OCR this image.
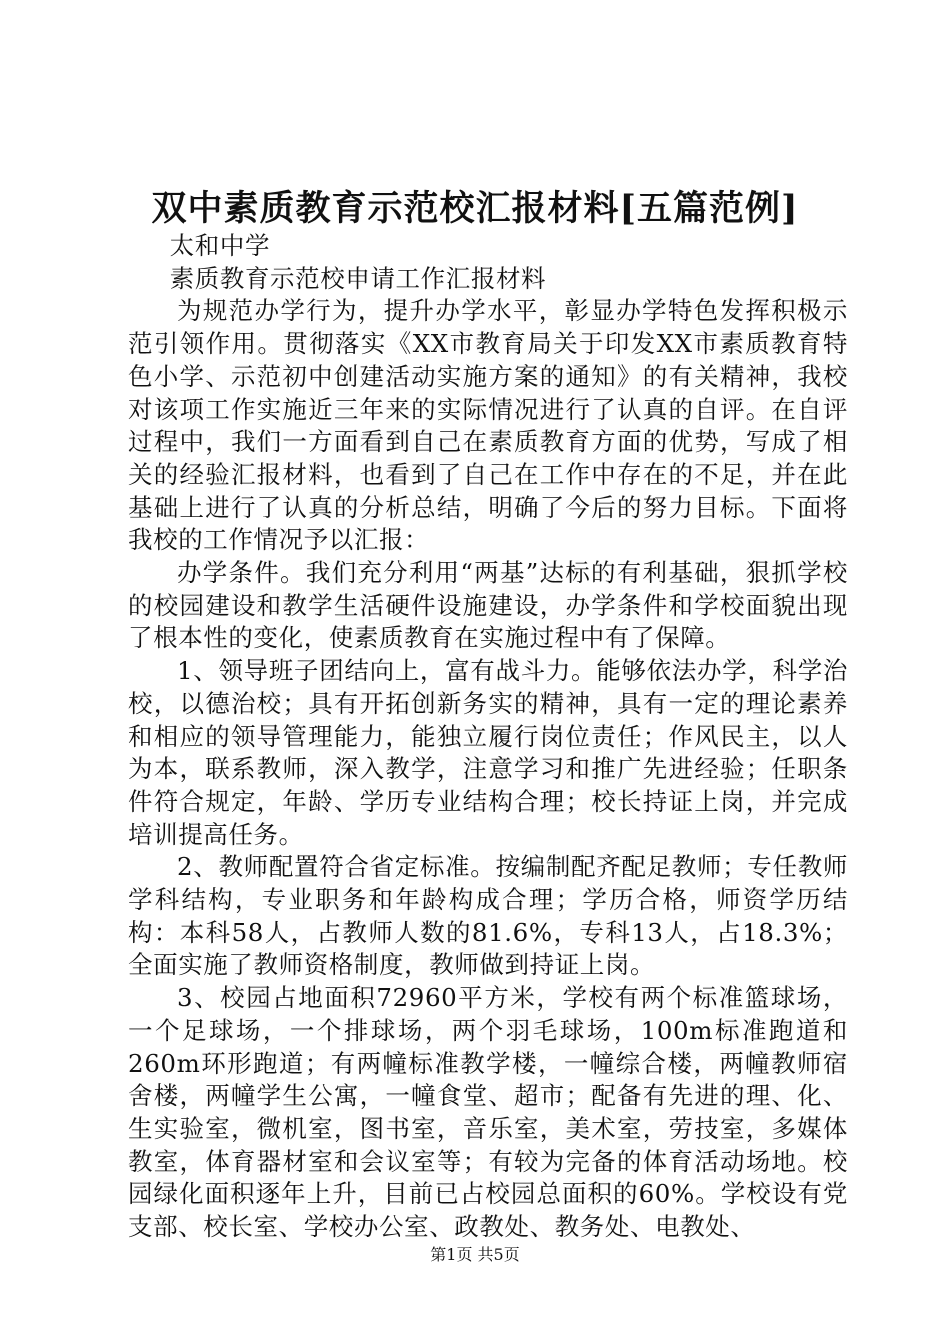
双中素质教育示范校汇报材料[五篇范例]

太和中学

素质教育示范校申请工作汇报材料

为规范办学行为，提升办学水平，彰显办学特色发挥积极示范引领作用。贯彻落实《XX市教育局关于印发XX市素质教育特色小学、示范初中创建活动实施方案的通知》的有关精神，我校对该项工作实施近三年来的实际情况进行了认真的自评。在自评过程中，我们一方面看到自己在素质教育方面的优势，写成了相关的经验汇报材料，也看到了自己在工作中存在的不足，并在此基础上进行了认真的分析总结，明确了今后的努力目标。下面将我校的工作情况予以汇报：

办学条件。我们充分利用“两基”达标的有利基础，狠抓学校的校园建设和教学生活硬件设施建设，办学条件和学校面貌出现了根本性的变化，使素质教育在实施过程中有了保障。

1、领导班子团结向上，富有战斗力。能够依法办学，科学治校，以德治校；具有开拓创新务实的精神，具有一定的理论素养和相应的领导管理能力，能独立履行岗位责任；作风民主，以人为本，联系教师，深入教学，注意学习和推广先进经验；任职条件符合规定，年龄、学历专业结构合理；校长持证上岗，并完成培训提高任务。

2、教师配置符合省定标准。按编制配齐配足教师；专任教师学科结构，专业职务和年龄构成合理；学历合格，师资学历结构：本科58人，占教师人数的81.6%，专科13人，占18.3%；全面实施了教师资格制度，教师做到持证上岗。

3、校园占地面积72960平方米，学校有两个标准篮球场，一个足球场，一个排球场，两个羽毛球场，100m标准跑道和260m环形跑道；有两幢标准教学楼，一幢综合楼，两幢教师宿舍楼，两幢学生公寓，一幢食堂、超市；配备有先进的理、化、生实验室，微机室，图书室，音乐室，美术室，劳技室，多媒体教室，体育器材室和会议室等；有较为完备的体育活动场地。校园绿化面积逐年上升，目前已占校园总面积的60%。学校设有党支部、校长室、学校办公室、政教处、教务处、电教处、

第1页 共5页
